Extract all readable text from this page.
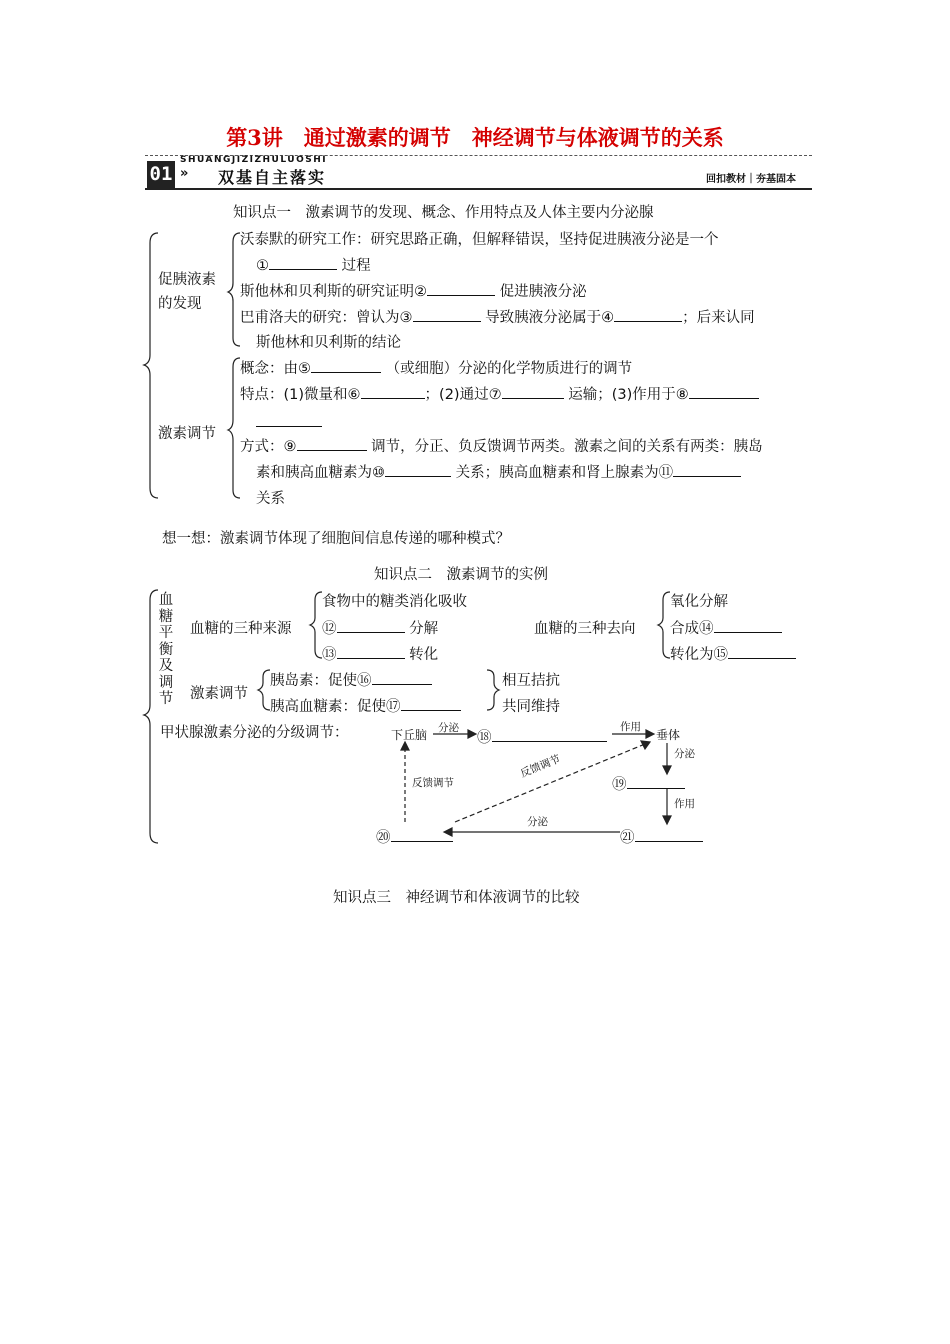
第3讲　通过激素的调节　神经调节与体液调节的关系
SHUANGJIZIZHULUOSHI
01 » 双基自主落实	回扣教材｜夯基固本
知识点一　激素调节的发现、概念、作用特点及人体主要内分泌腺
促胰液素
的发现
沃泰默的研究工作：研究思路正确，但解释错误，坚持促进胰液分泌是一个
①	过程
斯他林和贝利斯的研究证明②	促进胰液分泌
巴甫洛夫的研究：曾认为③	导致胰液分泌属于④	；后来认同
斯他林和贝利斯的结论
激素调节
概念：由⑤	（或细胞）分泌的化学物质进行的调节
特点：(1)微量和⑥	；(2)通过⑦	运输；(3)作用于⑧
方式：⑨	调节，分正、负反馈调节两类。激素之间的关系有两类：胰岛
素和胰高血糖素为⑩	关系；胰高血糖素和肾上腺素为⑪
关系
想一想：激素调节体现了细胞间信息传递的哪种模式？
知识点二　激素调节的实例
血
糖
平
衡
及
调
节
血糖的三种来源
食物中的糖类消化吸收
⑫	分解
⑬	转化
血糖的三种去向
氧化分解
合成⑭
转化为⑮
激素调节
胰岛素：促使⑯
胰高血糖素：促使⑰
相互拮抗
共同维持
甲状腺激素分泌的分级调节：	下丘脑 分泌
⑱
作用
垂体
分泌
反馈调节
反馈调节
⑲
作用
分泌
⑳	㉑
知识点三　神经调节和体液调节的比较
